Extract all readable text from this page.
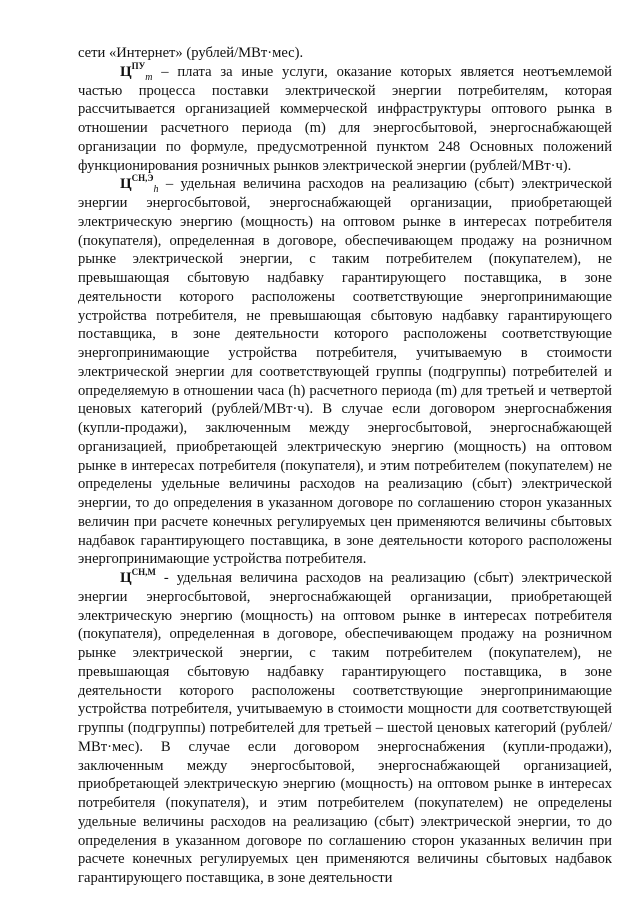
сети «Интернет» (рублей/МВт·мес).

$Ц^{ПУ}_m$ – плата за иные услуги, оказание которых является неотъемлемой частью процесса поставки электрической энергии потребителям, которая рассчитывается организацией коммерческой инфраструктуры оптового рынка в отношении расчетного периода (m) для энергосбытовой, энергоснабжающей организации по формуле, предусмотренной пунктом 248 Основных положений функционирования розничных рынков электрической энергии (рублей/МВт·ч).

$Ц^{СН,Э}_h$ – удельная величина расходов на реализацию (сбыт) электрической энергии энергосбытовой, энергоснабжающей организации, приобретающей электрическую энергию (мощность) на оптовом рынке в интересах потребителя (покупателя), определенная в договоре, обеспечивающем продажу на розничном рынке электрической энергии, с таким потребителем (покупателем), не превышающая сбытовую надбавку гарантирующего поставщика, в зоне деятельности которого расположены соответствующие энергопринимающие устройства потребителя, не превышающая сбытовую надбавку гарантирующего поставщика, в зоне деятельности которого расположены соответствующие энергопринимающие устройства потребителя, учитываемую в стоимости электрической энергии для соответствующей группы (подгруппы) потребителей и определяемую в отношении часа (h) расчетного периода (m) для третьей и четвертой ценовых категорий (рублей/МВт·ч). В случае если договором энергоснабжения (купли-продажи), заключенным между энергосбытовой, энергоснабжающей организацией, приобретающей электрическую энергию (мощность) на оптовом рынке в интересах потребителя (покупателя), и этим потребителем (покупателем) не определены удельные величины расходов на реализацию (сбыт) электрической энергии, то до определения в указанном договоре по соглашению сторон указанных величин при расчете конечных регулируемых цен применяются величины сбытовых надбавок гарантирующего поставщика, в зоне деятельности которого расположены энергопринимающие устройства потребителя.

$Ц^{СН,М}$ - удельная величина расходов на реализацию (сбыт) электрической энергии энергосбытовой, энергоснабжающей организации, приобретающей электрическую энергию (мощность) на оптовом рынке в интересах потребителя (покупателя), определенная в договоре, обеспечивающем продажу на розничном рынке электрической энергии, с таким потребителем (покупателем), не превышающая сбытовую надбавку гарантирующего поставщика, в зоне деятельности которого расположены соответствующие энергопринимающие устройства потребителя, учитываемую в стоимости мощности для соответствующей группы (подгруппы) потребителей для третьей – шестой ценовых категорий (рублей/МВт·мес). В случае если договором энергоснабжения (купли-продажи), заключенным между энергосбытовой, энергоснабжающей организацией, приобретающей электрическую энергию (мощность) на оптовом рынке в интересах потребителя (покупателя), и этим потребителем (покупателем) не определены удельные величины расходов на реализацию (сбыт) электрической энергии, то до определения в указанном договоре по соглашению сторон указанных величин при расчете конечных регулируемых цен применяются величины сбытовых надбавок гарантирующего поставщика, в зоне деятельности
